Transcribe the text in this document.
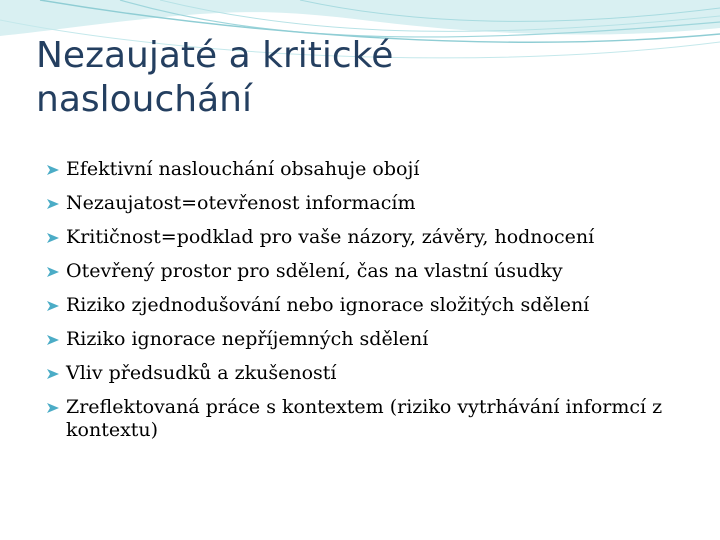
Nezaujaté a kritické
naslouchání
Efektivní naslouchání obsahuje obojí
Nezaujatost=otevřenost informacím
Kritičnost=podklad pro vaše názory, závěry, hodnocení
Otevřený prostor pro sdělení, čas na vlastní úsudky
Riziko zjednodušování nebo ignorace složitých sdělení
Riziko ignorace nepříjemných sdělení
Vliv předsudků a zkušeností
Zreflektovaná práce s kontextem (riziko vytrhávání informcí z kontextu)
